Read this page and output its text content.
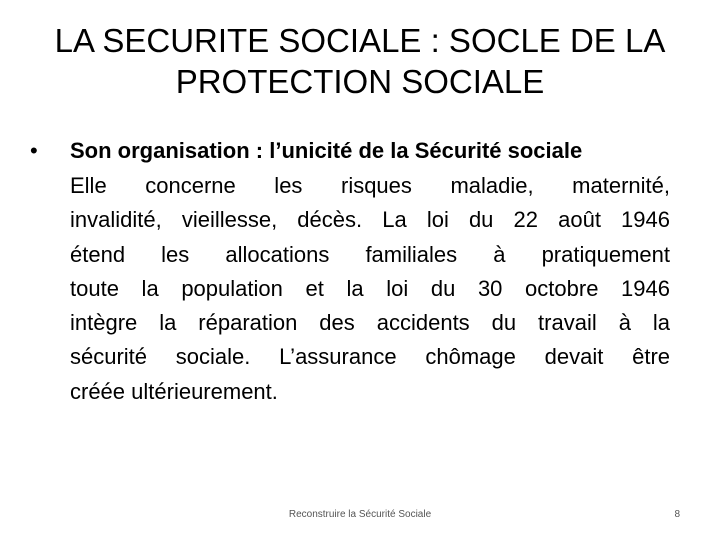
LA SECURITE SOCIALE : SOCLE DE LA
PROTECTION SOCIALE
• Son organisation : l’unicité de la Sécurité sociale
Elle concerne les risques maladie, maternité,
invalidité, vieillesse, décès. La loi du 22 août 1946
étend les allocations familiales à pratiquement
toute la population et la loi du 30 octobre 1946
intègre la réparation des accidents du travail à la
sécurité sociale. L’assurance chômage devait être
créée ultérieurement.
Reconstruire la Sécurité Sociale	8
